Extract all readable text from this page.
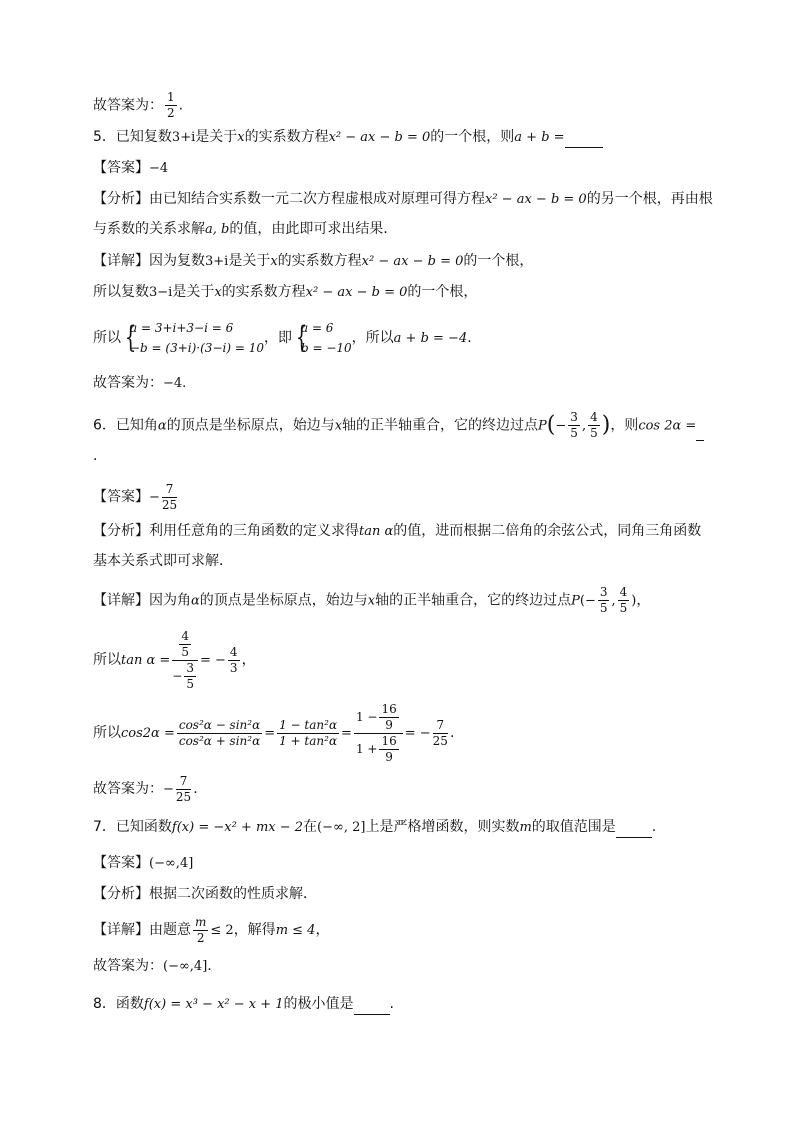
故答案为： $\frac{1}{2}$ .
5．已知复数3+i是关于x的实系数方程x² − ax − b = 0的一个根，则a + b =
【答案】−4
【分析】由已知结合实系数一元二次方程虚根成对原理可得方程x² − ax − b = 0的另一个根，再由根
与系数的关系求解a, b的值，由此即可求出结果．
【详解】因为复数3+i是关于x的实系数方程x² − ax − b = 0的一个根，
所以复数3−i是关于x的实系数方程x² − ax − b = 0的一个根，
所以 {
a = 3+i+3−i = 6
−b = (3+i)·(3−i) = 10
，即 {
a = 6
b = −10
，所以a + b = −4.
故答案为：−4.
6．已知角α的顶点是坐标原点，始边与x轴的正半轴重合，它的终边过点$P(- \frac{3}{5}$ , $\frac{4}{5}$ )，则cos 2α =
.
【答案】− $\frac{7}{25}$
【分析】利用任意角的三角函数的定义求得tan α的值，进而根据二倍角的余弦公式，同角三角函数
基本关系式即可求解．
【详解】因为角α的顶点是坐标原点，始边与x轴的正半轴重合，它的终边过点$P(- \frac{3}{5}$ , $\frac{4}{5}$ )，
所以$\tan \alpha = \frac{\frac{4}{5}}{- \frac{3}{5}}$ = − $\frac{4}{3}$ ，
所以$\cos 2\alpha = \frac{\text{cos²α − sin²α}}{\text{cos²α + sin²α}} = \frac{\text{1 − tan²α}}{\text{1 + tan²α}} = \frac{1 - \frac{16}{9}}{1 + \frac{16}{9}}$ = − $\frac{7}{25}$ .
故答案为：− $\frac{7}{25}$ .
7．已知函数f(x) = −x² + mx − 2在(−∞, 2]上是严格增函数，则实数m的取值范围是	.
【答案】(−∞,4]
【分析】根据二次函数的性质求解．
【详解】由题意 $\frac{m}{2} \le 2$，解得m ≤ 4，
故答案为：(−∞,4].
8．函数f(x) = x³ − x² − x + 1的极小值是	.
